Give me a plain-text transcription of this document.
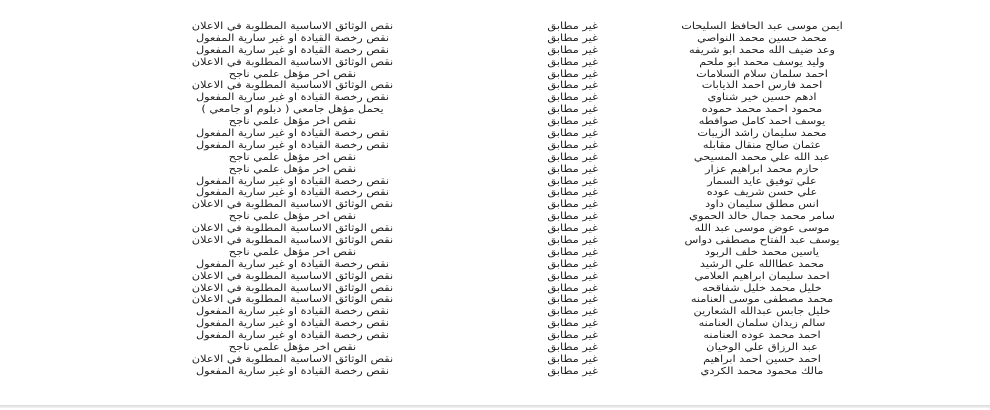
ايمن موسى عبد الحافظ السليحات
غير مطابق
نقص الوثائق الاساسية المطلوبة في الاعلان
محمد حسين محمد النواصي
غير مطابق
نقص رخصة القيادة او غير سارية المفعول
وعد ضيف الله محمد ابو شريفه
غير مطابق
نقص رخصة القيادة او غير سارية المفعول
وليد يوسف محمد ابو ملحم
غير مطابق
نقص الوثائق الاساسية المطلوبة في الاعلان
احمد سلمان سلام السلامات
غير مطابق
نقص اخر مؤهل علمي ناجح
احمد فارس احمد الذيابات
غير مطابق
نقص الوثائق الاساسية المطلوبة في الاعلان
ادهم حسين خير شناوي
غير مطابق
نقص رخصة القيادة او غير سارية المفعول
محمود احمد محمد حموده
غير مطابق
يحمل مؤهل جامعي ( دبلوم او جامعي )
يوسف احمد كامل صوافطه
غير مطابق
نقص اخر مؤهل علمي ناجح
محمد سليمان راشد الزيبات
غير مطابق
نقص رخصة القيادة او غير سارية المفعول
عثمان صالح منقال مقابله
غير مطابق
نقص رخصة القيادة او غير سارية المفعول
عبد الله علي محمد المسيحي
غير مطابق
نقص اخر مؤهل علمي ناجح
حازم محمد ابراهيم عزار
غير مطابق
نقص اخر مؤهل علمي ناجح
علي توفيق عايد السمار
غير مطابق
نقص رخصة القيادة او غير سارية المفعول
علي حسن شريف عوده
غير مطابق
نقص رخصة القيادة او غير سارية المفعول
انس مطلق سليمان داود
غير مطابق
نقص الوثائق الاساسية المطلوبة في الاعلان
سامر محمد جمال خالد الحموي
غير مطابق
نقص اخر مؤهل علمي ناجح
موسى عوض موسى عبد الله
غير مطابق
نقص الوثائق الاساسية المطلوبة في الاعلان
يوسف عبد الفتاح مصطفى دواس
غير مطابق
نقص الوثائق الاساسية المطلوبة في الاعلان
ياسين محمد خلف الربود
غير مطابق
نقص اخر مؤهل علمي ناجح
محمد عطاالله علي الرشيد
غير مطابق
نقص رخصة القيادة او غير سارية المفعول
احمد سليمان ابراهيم العلامي
غير مطابق
نقص الوثائق الاساسية المطلوبة في الاعلان
خليل محمد خليل شفاقحه
غير مطابق
نقص الوثائق الاساسية المطلوبة في الاعلان
محمد مصطفى موسى العنامنه
غير مطابق
نقص الوثائق الاساسية المطلوبة في الاعلان
خليل جابس عبدالله الشعارين
غير مطابق
نقص رخصة القيادة او غير سارية المفعول
سالم زيدان سلمان العنامنه
غير مطابق
نقص رخصة القيادة او غير سارية المفعول
احمد محمد عوده العنامنه
غير مطابق
نقص رخصة القيادة او غير سارية المفعول
عبد الرزاق علي الوخيان
غير مطابق
نقص اخر مؤهل علمي ناجح
احمد حسين احمد ابراهيم
غير مطابق
نقص الوثائق الاساسية المطلوبة في الاعلان
مالك محمود محمد الكردي
غير مطابق
نقص رخصة القيادة او غير سارية المفعول
